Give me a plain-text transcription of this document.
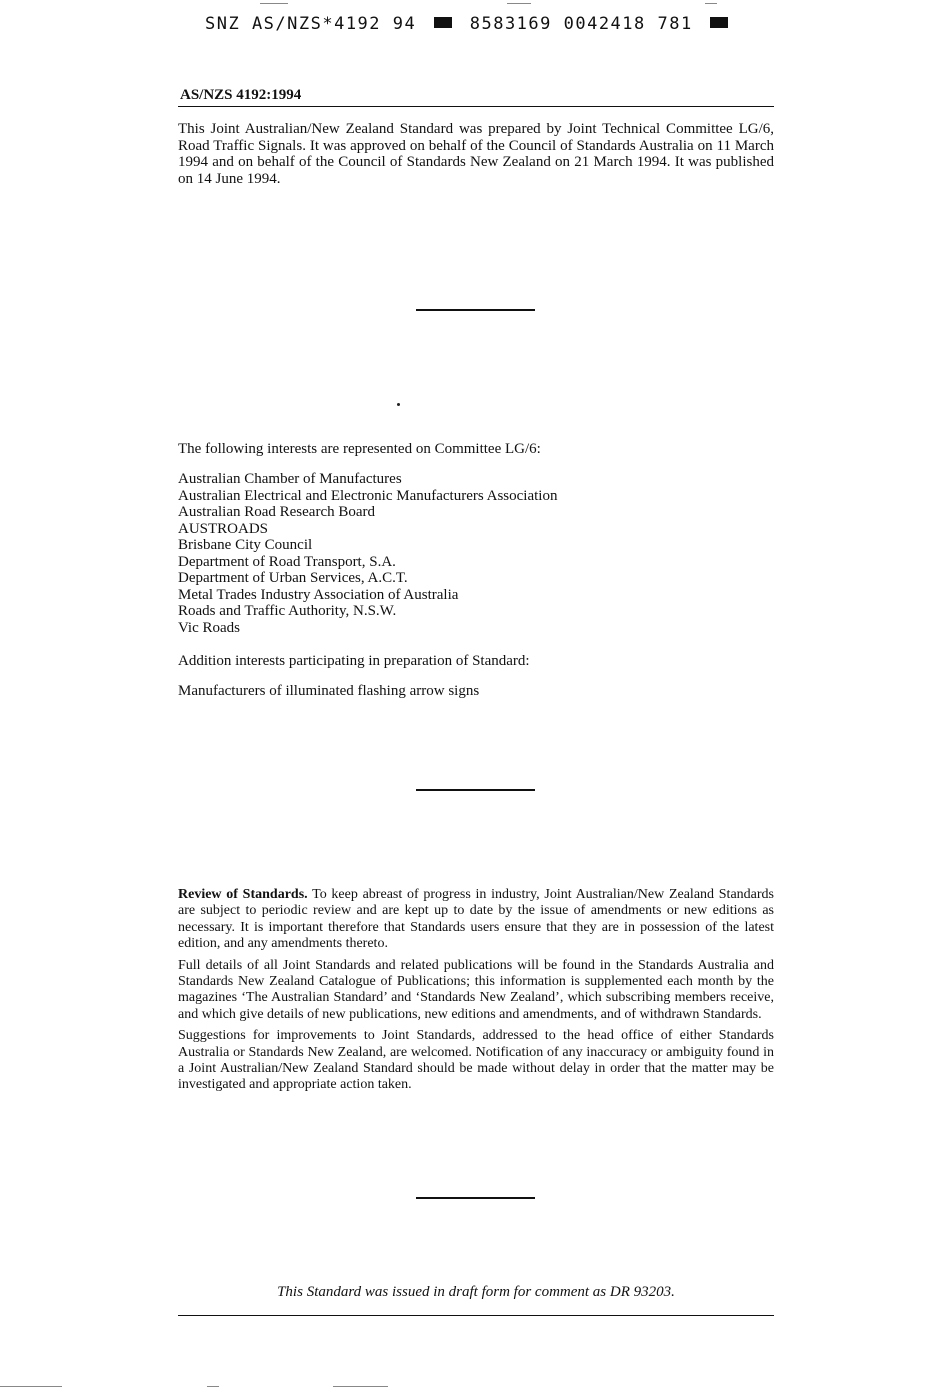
SNZ AS/NZS*4192 94	8583169 0042418 781
AS/NZS 4192:1994

This Joint Australian/New Zealand Standard was prepared by Joint Technical Committee LG/6, Road Traffic Signals. It was approved on behalf of the Council of Standards Australia on 11 March 1994 and on behalf of the Council of Standards New Zealand on 21 March 1994. It was published on 14 June 1994.

The following interests are represented on Committee LG/6:

Australian Chamber of Manufactures
Australian Electrical and Electronic Manufacturers Association
Australian Road Research Board
AUSTROADS
Brisbane City Council
Department of Road Transport, S.A.
Department of Urban Services, A.C.T.
Metal Trades Industry Association of Australia
Roads and Traffic Authority, N.S.W.
Vic Roads

Addition interests participating in preparation of Standard:

Manufacturers of illuminated flashing arrow signs

Review of Standards. To keep abreast of progress in industry, Joint Australian/New Zealand Standards are subject to periodic review and are kept up to date by the issue of amendments or new editions as necessary. It is important therefore that Standards users ensure that they are in possession of the latest edition, and any amendments thereto.

Full details of all Joint Standards and related publications will be found in the Standards Australia and Standards New Zealand Catalogue of Publications; this information is supplemented each month by the magazines ‘The Australian Standard’ and ‘Standards New Zealand’, which subscribing members receive, and which give details of new publications, new editions and amendments, and of withdrawn Standards.

Suggestions for improvements to Joint Standards, addressed to the head office of either Standards Australia or Standards New Zealand, are welcomed. Notification of any inaccuracy or ambiguity found in a Joint Australian/New Zealand Standard should be made without delay in order that the matter may be investigated and appropriate action taken.

This Standard was issued in draft form for comment as DR 93203.
